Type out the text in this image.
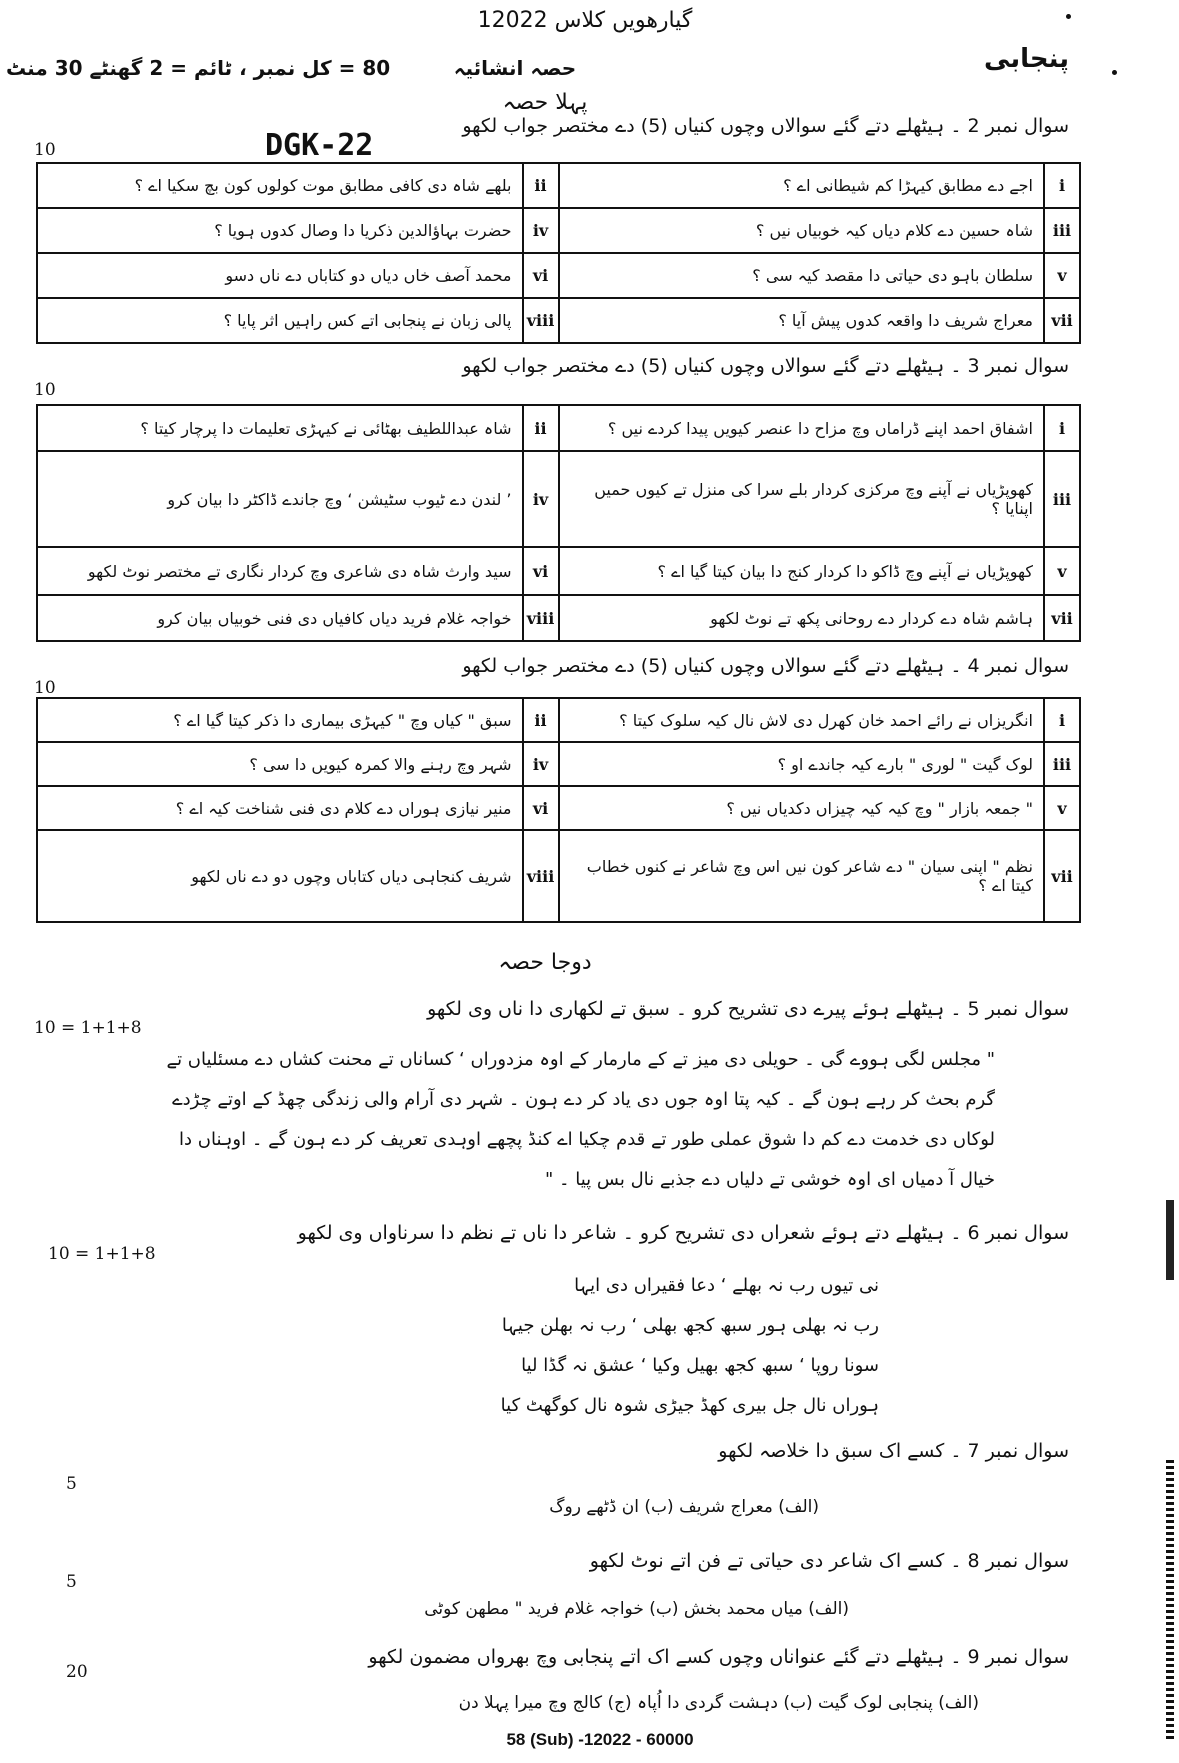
گیارھویں کلاس 12022
پنجابی
80 = کل نمبر ، ٹائم = 2 گھنٹے 30 منٹ	حصہ انشائیہ
پہلا حصہ
DGK-22
سوال نمبر 2 ۔ ہیٹھلے دتے گئے سوالاں وچوں کنیاں (5) دے مختصر جواب لکھو
10
بلھے شاہ دی کافی مطابق موت کولوں کون بچ سکیا اے ؟	ii	اجے دے مطابق کیہڑا کم شیطانی اے ؟	i
حضرت بہاؤالدین ذکریا دا وصال کدوں ہویا ؟	iv	شاہ حسین دے کلام دیاں کیہ خوبیاں نیں ؟	iii
محمد آصف خاں دیاں دو کتاباں دے ناں دسو	vi	سلطان باہو دی حیاتی دا مقصد کیہ سی ؟	v
پالی زبان نے پنجابی اتے کس راہیں اثر پایا ؟	viii	معراج شریف دا واقعہ کدوں پیش آیا ؟	vii
سوال نمبر 3 ۔ ہیٹھلے دتے گئے سوالاں وچوں کنیاں (5) دے مختصر جواب لکھو
10
شاہ عبداللطیف بھٹائی نے کیہڑی تعلیمات دا پرچار کیتا ؟	ii	اشفاق احمد اپنے ڈراماں وچ مزاح دا عنصر کیویں پیدا کردے نیں ؟	i
’ لندن دے ٹیوب سٹیشن ‘ وچ جاندے ڈاکٹر دا بیان کرو	iv	کھوپڑیاں نے آپنے وچ مرکزی کردار بلے سرا کی منزل تے کیوں حمیں اپنایا ؟	iii
سید وارث شاہ دی شاعری وچ کردار نگاری تے مختصر نوٹ لکھو	vi	کھوپڑیاں نے آپنے وچ ڈاکو دا کردار کنج دا بیان کیتا گیا اے ؟	v
خواجہ غلام فرید دیاں کافیاں دی فنی خوبیاں بیان کرو	viii	ہاشم شاہ دے کردار دے روحانی پکھ تے نوٹ لکھو	vii
سوال نمبر 4 ۔ ہیٹھلے دتے گئے سوالاں وچوں کنیاں (5) دے مختصر جواب لکھو
10
سبق " کیاں وچ " کیہڑی بیماری دا ذکر کیتا گیا اے ؟	ii	انگریزاں نے رائے احمد خان کھرل دی لاش نال کیہ سلوک کیتا ؟	i
شہر وچ رہنے والا کمرہ کیویں دا سی ؟	iv	لوک گیت " لوری " بارے کیہ جاندے او ؟	iii
منیر نیازی ہوراں دے کلام دی فنی شناخت کیہ اے ؟	vi	" جمعہ بازار " وچ کیہ کیہ چیزاں دکدیاں نیں ؟	v
شریف کنجاہی دیاں کتاباں وچوں دو دے ناں لکھو	viii	نظم " اپنی سیان " دے شاعر کون نیں اس وچ شاعر نے کنوں خطاب کیتا اے ؟	vii
دوجا حصہ
سوال نمبر 5 ۔ ہیٹھلے ہوئے پیرے دی تشریح کرو ۔ سبق تے لکھاری دا ناں وی لکھو
10 = 1+1+8
" مجلس لگی ہووے گی ۔ حویلی دی میز تے کے مارمار کے اوہ مزدوراں ‘ کساناں تے محنت کشاں دے مسئلیاں تے گرم بحث کر رہے ہون گے ۔ کیہ پتا اوہ جوں دی یاد کر دے ہون ۔ شہر دی آرام والی زندگی چھڈ کے اوتے چڑدے لوکاں دی خدمت دے کم دا شوق عملی طور تے قدم چکیا اے کنڈ پچھے اوہدی تعریف کر دے ہون گے ۔ اوہناں دا خیال آ دمیاں ای اوہ خوشی تے دلیاں دے جذبے نال بس پیا ۔ "
سوال نمبر 6 ۔ ہیٹھلے دتے ہوئے شعراں دی تشریح کرو ۔ شاعر دا ناں تے نظم دا سرناواں وی لکھو
10 = 1+1+8
نی تیوں رب نہ بھلے ‘ دعا فقیراں دی ایہا
رب نہ بھلی ہور سبھ کجھ بھلی ‘ رب نہ بھلن جیہا
سونا روپا ‘ سبھ کجھ بھیل وکیا ‘ عشق نہ گڈا لیا
ہوراں نال جل بیری کھڈ جیڑی شوہ نال کوگھٹ کیا
سوال نمبر 7 ۔ کسے اک سبق دا خلاصہ لکھو
5
(الف) معراج شریف (ب) ان ڈٹھے روگ
سوال نمبر 8 ۔ کسے اک شاعر دی حیاتی تے فن اتے نوٹ لکھو
5
(الف) میاں محمد بخش (ب) خواجہ غلام فرید " مطھن کوٹی
سوال نمبر 9 ۔ ہیٹھلے دتے گئے عنواناں وچوں کسے اک اتے پنجابی وچ بھرواں مضمون لکھو
20
(الف) پنجابی لوک گیت (ب) دہشت گردی دا اُپاہ (ج) کالج وچ میرا پہلا دن
58 (Sub) -12022 - 60000
